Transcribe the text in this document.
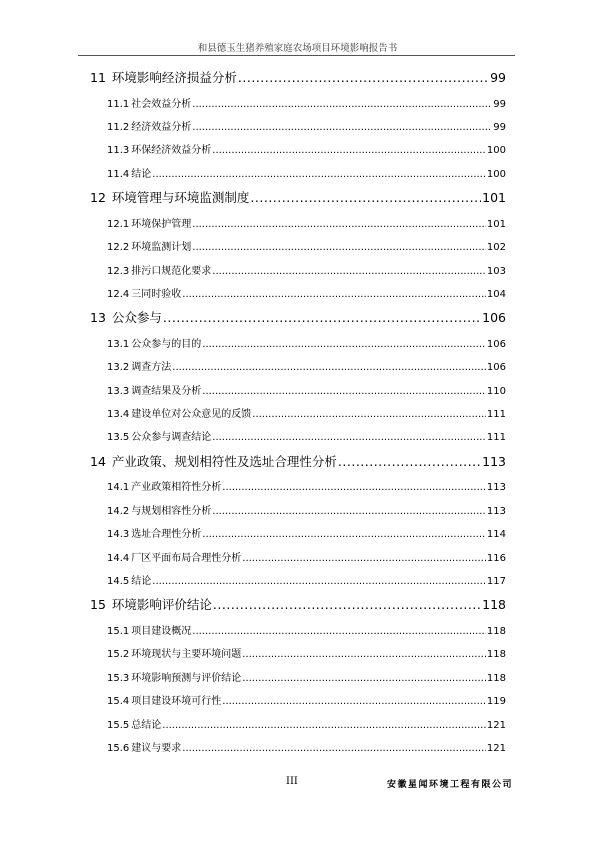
和县德玉生猪养殖家庭农场项目环境影响报告书
11 环境影响经济损益分析 .....	99
11.1 社会效益分析 .....	99
11.2 经济效益分析 .....	99
11.3 环保经济效益分析 .....	100
11.4 结论 .....	100
12 环境管理与环境监测制度 .....	101
12.1 环境保护管理 .....	101
12.2 环境监测计划 .....	102
12.3 排污口规范化要求 .....	103
12.4 三同时验收 .....	104
13 公众参与 .....	106
13.1 公众参与的目的 .....	106
13.2 调查方法 .....	106
13.3 调查结果及分析 .....	110
13.4 建设单位对公众意见的反馈 .....	111
13.5 公众参与调查结论 .....	111
14 产业政策、规划相符性及选址合理性分析 .....	113
14.1 产业政策相符性分析 .....	113
14.2 与规划相容性分析 .....	113
14.3 选址合理性分析 .....	114
14.4 厂区平面布局合理性分析 .....	116
14.5 结论 .....	117
15 环境影响评价结论 .....	118
15.1 项目建设概况 .....	118
15.2 环境现状与主要环境问题 .....	118
15.3 环境影响预测与评价结论 .....	118
15.4 项目建设环境可行性 .....	119
15.5 总结论 .....	121
15.6 建议与要求 .....	121
III	安徽星闻环境工程有限公司
